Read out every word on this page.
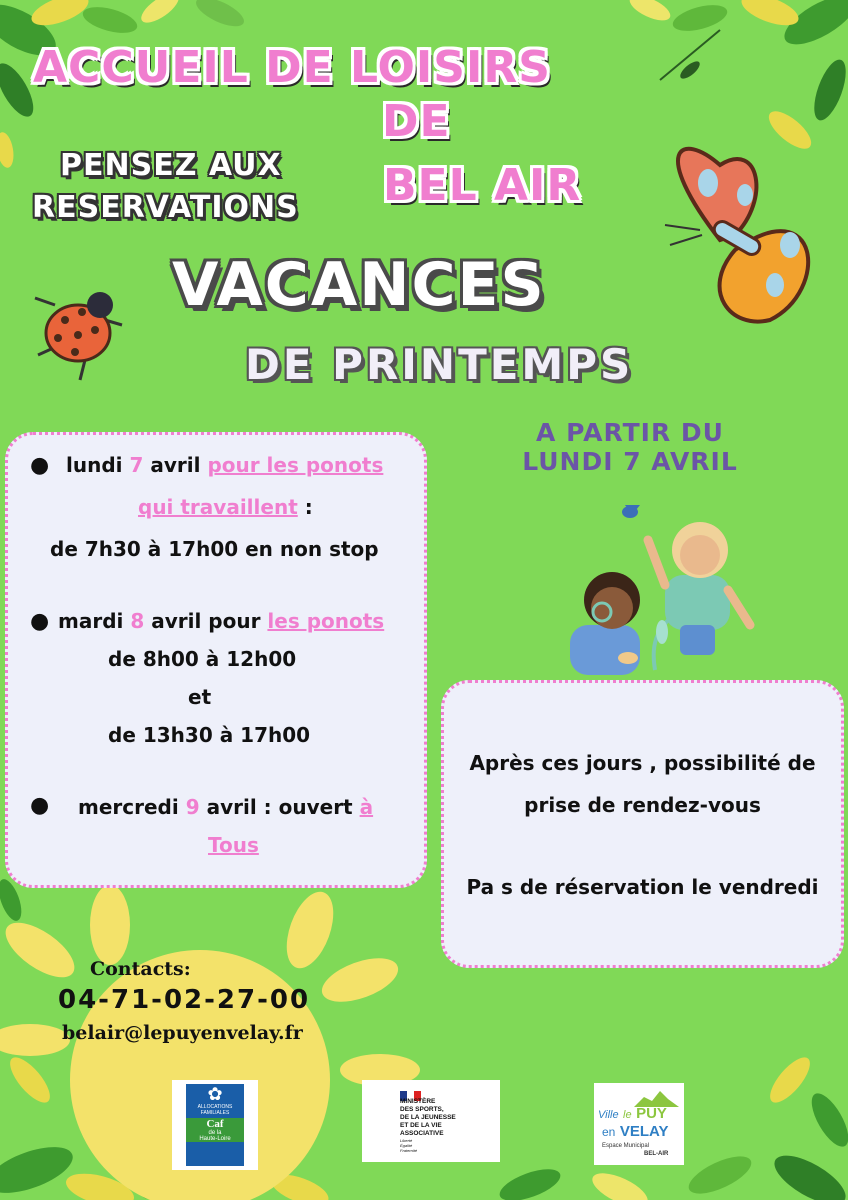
ACCUEIL DE LOISIRS
DE
BEL AIR
PENSEZ AUX
RESERVATIONS
VACANCES
DE PRINTEMPS
A PARTIR DU
LUNDI 7 AVRIL
● lundi 7 avril pour les ponots
qui travaillent :
de 7h30 à 17h00 en non stop
● mardi 8 avril pour les ponots
de 8h00 à 12h00
et
de 13h30 à 17h00
● mercredi 9 avril : ouvert à
Tous
Après ces jours , possibilité de
prise de rendez-vous
Pa s de réservation le vendredi
Contacts:
04-71-02-27-00
belair@lepuyenvelay.fr
✿
ALLOCATIONS
FAMILIALES
Caf
de la
Haute-Loire
MINISTÈRE
DES SPORTS,
DE LA JEUNESSE
ET DE LA VIE
ASSOCIATIVE
Liberté
Égalité
Fraternité
Ville le PUY
en VELAY
Espace Municipal
BEL-AIR
